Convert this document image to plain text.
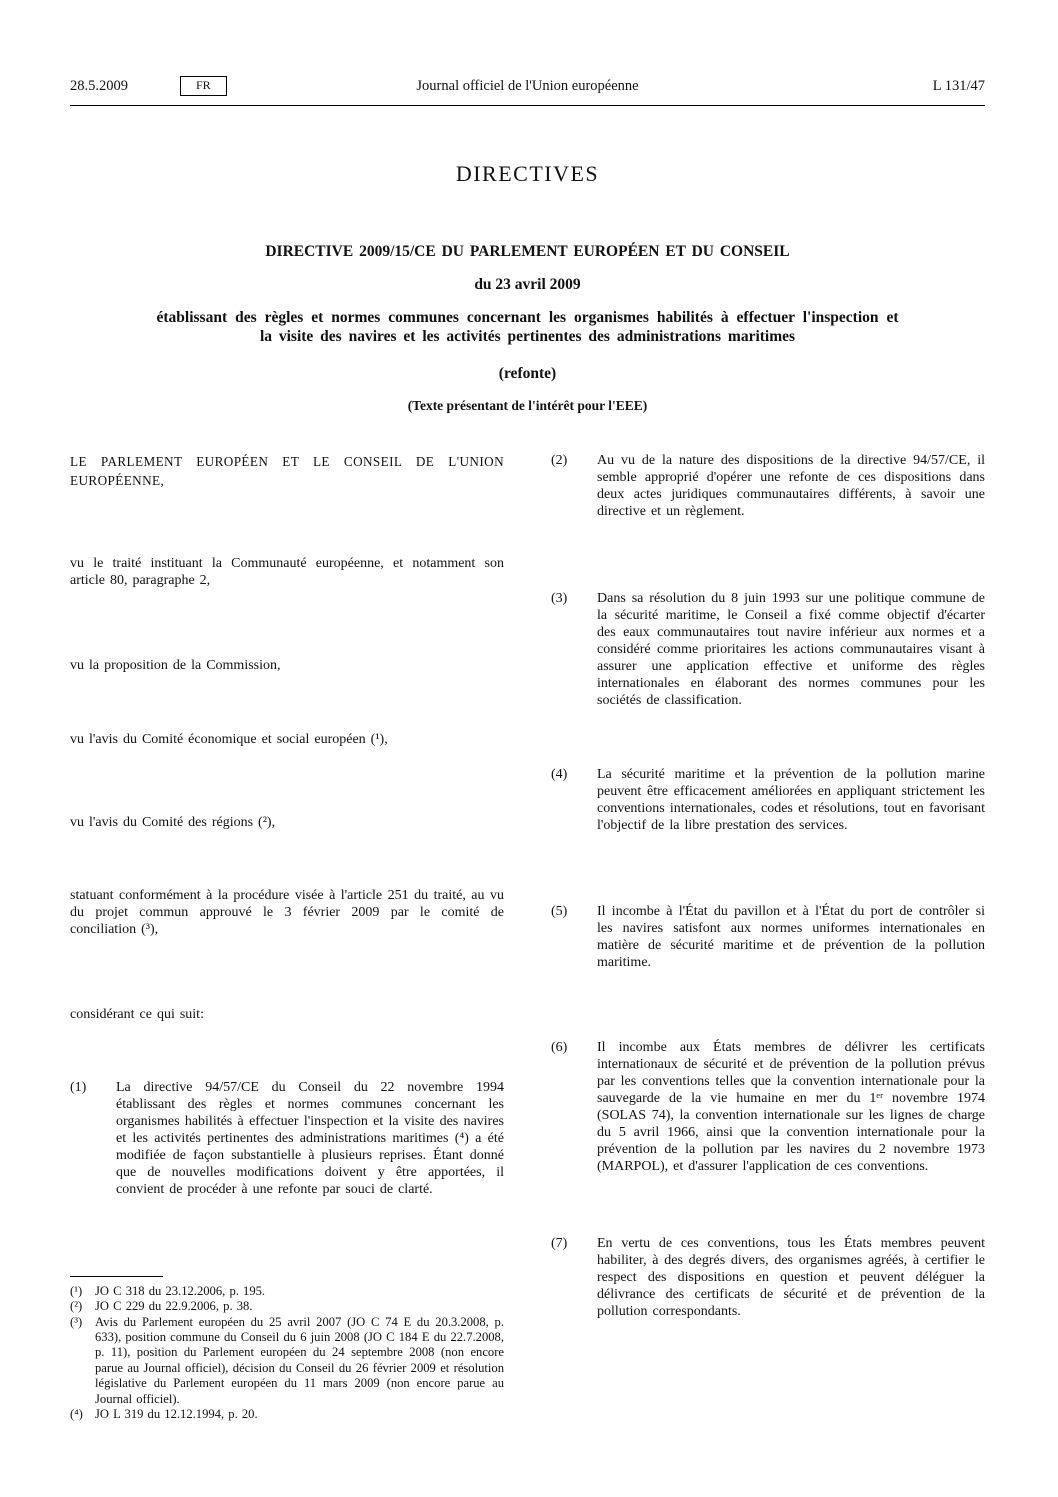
28.5.2009	FR	Journal officiel de l'Union européenne	L 131/47
DIRECTIVES
DIRECTIVE 2009/15/CE DU PARLEMENT EUROPÉEN ET DU CONSEIL
du 23 avril 2009
établissant des règles et normes communes concernant les organismes habilités à effectuer l'inspection et la visite des navires et les activités pertinentes des administrations maritimes
(refonte)
(Texte présentant de l'intérêt pour l'EEE)

LE PARLEMENT EUROPÉEN ET LE CONSEIL DE L'UNION EUROPÉENNE,

vu le traité instituant la Communauté européenne, et notamment son article 80, paragraphe 2,

vu la proposition de la Commission,

vu l'avis du Comité économique et social européen (¹),

vu l'avis du Comité des régions (²),

statuant conformément à la procédure visée à l'article 251 du traité, au vu du projet commun approuvé le 3 février 2009 par le comité de conciliation (³),

considérant ce qui suit:

(1)	La directive 94/57/CE du Conseil du 22 novembre 1994 établissant des règles et normes communes concernant les organismes habilités à effectuer l'inspection et la visite des navires et les activités pertinentes des administrations maritimes (⁴) a été modifiée de façon substantielle à plusieurs reprises. Étant donné que de nouvelles modifications doivent y être apportées, il convient de procéder à une refonte par souci de clarté.

(¹) JO C 318 du 23.12.2006, p. 195.
(²) JO C 229 du 22.9.2006, p. 38.
(³) Avis du Parlement européen du 25 avril 2007 (JO C 74 E du 20.3.2008, p. 633), position commune du Conseil du 6 juin 2008 (JO C 184 E du 22.7.2008, p. 11), position du Parlement européen du 24 septembre 2008 (non encore parue au Journal officiel), décision du Conseil du 26 février 2009 et résolution législative du Parlement européen du 11 mars 2009 (non encore parue au Journal officiel).
(⁴) JO L 319 du 12.12.1994, p. 20.
(2)	Au vu de la nature des dispositions de la directive 94/57/CE, il semble approprié d'opérer une refonte de ces dispositions dans deux actes juridiques communautaires différents, à savoir une directive et un règlement.

(3)	Dans sa résolution du 8 juin 1993 sur une politique commune de la sécurité maritime, le Conseil a fixé comme objectif d'écarter des eaux communautaires tout navire inférieur aux normes et a considéré comme prioritaires les actions communautaires visant à assurer une application effective et uniforme des règles internationales en élaborant des normes communes pour les sociétés de classification.

(4)	La sécurité maritime et la prévention de la pollution marine peuvent être efficacement améliorées en appliquant strictement les conventions internationales, codes et résolutions, tout en favorisant l'objectif de la libre prestation des services.

(5)	Il incombe à l'État du pavillon et à l'État du port de contrôler si les navires satisfont aux normes uniformes internationales en matière de sécurité maritime et de prévention de la pollution maritime.

(6)	Il incombe aux États membres de délivrer les certificats internationaux de sécurité et de prévention de la pollution prévus par les conventions telles que la convention internationale pour la sauvegarde de la vie humaine en mer du 1ᵉʳ novembre 1974 (SOLAS 74), la convention internationale sur les lignes de charge du 5 avril 1966, ainsi que la convention internationale pour la prévention de la pollution par les navires du 2 novembre 1973 (MARPOL), et d'assurer l'application de ces conventions.

(7)	En vertu de ces conventions, tous les États membres peuvent habiliter, à des degrés divers, des organismes agréés, à certifier le respect des dispositions en question et peuvent déléguer la délivrance des certificats de sécurité et de prévention de la pollution correspondants.
